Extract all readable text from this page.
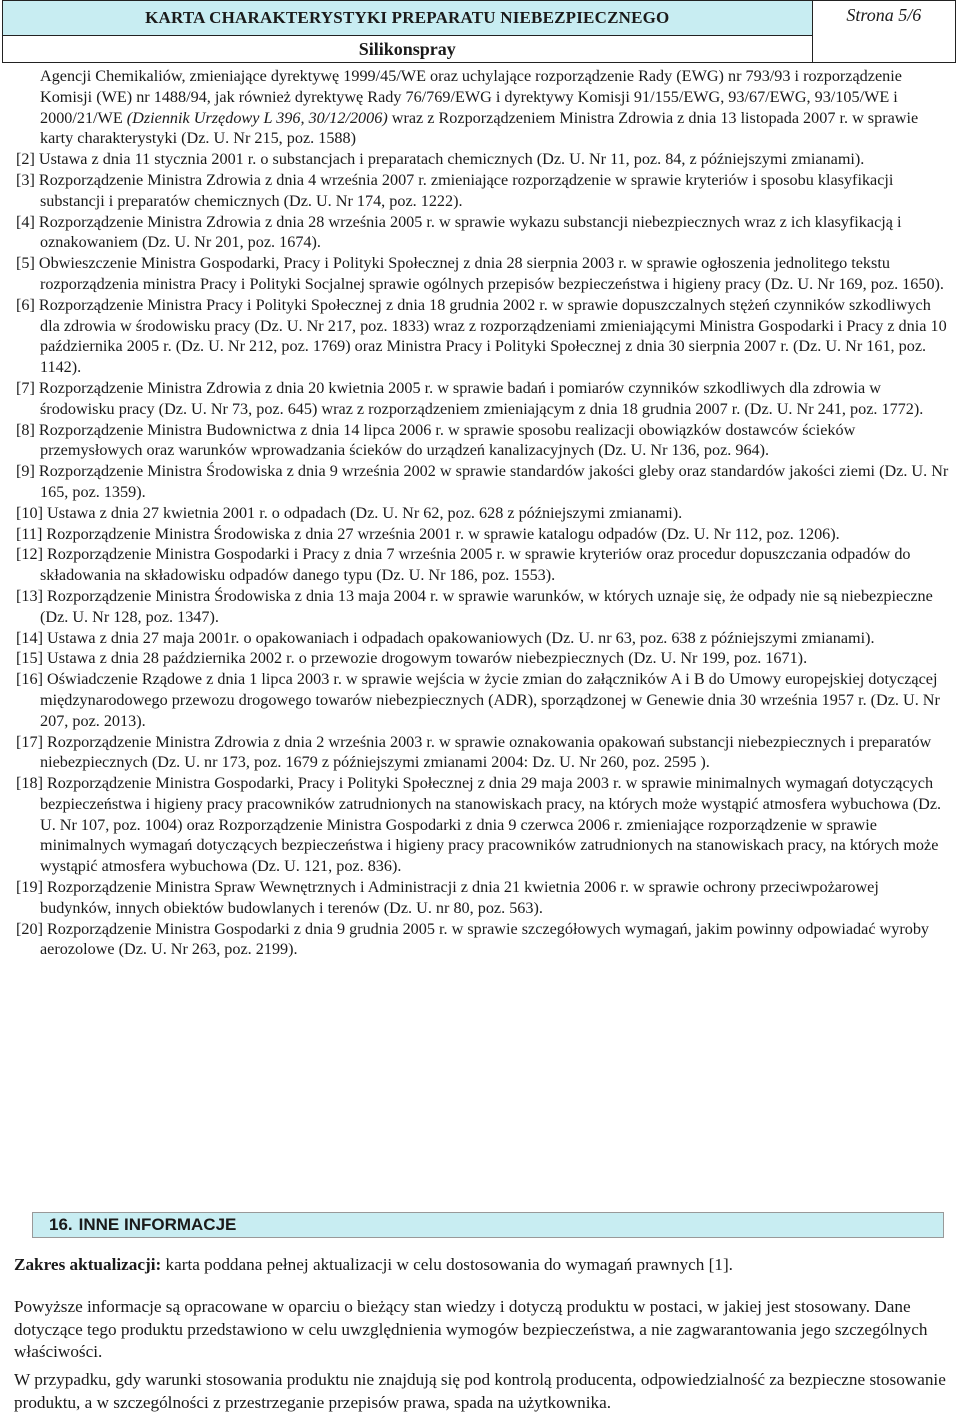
KARTA CHARAKTERYSTYKI PREPARATU NIEBEZPIECZNEGO	Strona 5/6
Silikonspray

Agencji Chemikaliów, zmieniające dyrektywę 1999/45/WE oraz uchylające rozporządzenie Rady (EWG) nr 793/93 i rozporządzenie Komisji (WE) nr 1488/94, jak również dyrektywę Rady 76/769/EWG i dyrektywy Komisji 91/155/EWG, 93/67/EWG, 93/105/WE i 2000/21/WE (Dziennik Urzędowy L 396, 30/12/2006) wraz z Rozporządzeniem Ministra Zdrowia z dnia 13 listopada 2007 r. w sprawie karty charakterystyki (Dz. U. Nr 215, poz. 1588)

[2] Ustawa z dnia 11 stycznia 2001 r. o substancjach i preparatach chemicznych (Dz. U. Nr 11, poz. 84, z późniejszymi zmianami).

[3] Rozporządzenie Ministra Zdrowia z dnia 4 września 2007 r. zmieniające rozporządzenie w sprawie kryteriów i sposobu klasyfikacji substancji i preparatów chemicznych (Dz. U. Nr 174, poz. 1222).

[4] Rozporządzenie Ministra Zdrowia z dnia 28 września 2005 r. w sprawie wykazu substancji niebezpiecznych wraz z ich klasyfikacją i oznakowaniem (Dz. U. Nr 201, poz. 1674).

[5] Obwieszczenie Ministra Gospodarki, Pracy i Polityki Społecznej z dnia 28 sierpnia 2003 r. w sprawie ogłoszenia jednolitego tekstu rozporządzenia ministra Pracy i Polityki Socjalnej sprawie ogólnych przepisów bezpieczeństwa i higieny pracy (Dz. U. Nr 169, poz. 1650).

[6] Rozporządzenie Ministra Pracy i Polityki Społecznej z dnia 18 grudnia 2002 r. w sprawie dopuszczalnych stężeń czynników szkodliwych dla zdrowia w środowisku pracy (Dz. U. Nr 217, poz. 1833) wraz z rozporządzeniami zmieniającymi Ministra Gospodarki i Pracy z dnia 10 października 2005 r. (Dz. U. Nr 212, poz. 1769) oraz Ministra Pracy i Polityki Społecznej z dnia 30 sierpnia 2007 r. (Dz. U. Nr 161, poz. 1142).

[7] Rozporządzenie Ministra Zdrowia z dnia 20 kwietnia 2005 r. w sprawie badań i pomiarów czynników szkodliwych dla zdrowia w środowisku pracy (Dz. U. Nr 73, poz. 645) wraz z rozporządzeniem zmieniającym z dnia 18 grudnia 2007 r. (Dz. U. Nr 241, poz. 1772).

[8] Rozporządzenie Ministra Budownictwa z dnia 14 lipca 2006 r. w sprawie sposobu realizacji obowiązków dostawców ścieków przemysłowych oraz warunków wprowadzania ścieków do urządzeń kanalizacyjnych (Dz. U. Nr 136, poz. 964).

[9] Rozporządzenie Ministra Środowiska z dnia 9 września 2002 w sprawie standardów jakości gleby oraz standardów jakości ziemi (Dz. U. Nr 165, poz. 1359).

[10] Ustawa z dnia 27 kwietnia 2001 r. o odpadach (Dz. U. Nr 62, poz. 628 z późniejszymi zmianami).

[11] Rozporządzenie Ministra Środowiska z dnia 27 września 2001 r. w sprawie katalogu odpadów (Dz. U. Nr 112, poz. 1206).

[12] Rozporządzenie Ministra Gospodarki i Pracy z dnia 7 września 2005 r. w sprawie kryteriów oraz procedur dopuszczania odpadów do składowania na składowisku odpadów danego typu (Dz. U. Nr 186, poz. 1553).

[13] Rozporządzenie Ministra Środowiska z dnia 13 maja 2004 r. w sprawie warunków, w których uznaje się, że odpady nie są niebezpieczne (Dz. U. Nr 128, poz. 1347).

[14] Ustawa z dnia 27 maja 2001r. o opakowaniach i odpadach opakowaniowych (Dz. U. nr 63, poz. 638 z późniejszymi zmianami).

[15] Ustawa z dnia 28 października 2002 r. o przewozie drogowym towarów niebezpiecznych (Dz. U. Nr 199, poz. 1671).

[16] Oświadczenie Rządowe z dnia 1 lipca 2003 r. w sprawie wejścia w życie zmian do załączników A i B do Umowy europejskiej dotyczącej międzynarodowego przewozu drogowego towarów niebezpiecznych (ADR), sporządzonej w Genewie dnia 30 września 1957 r. (Dz. U. Nr 207, poz. 2013).

[17] Rozporządzenie Ministra Zdrowia z dnia 2 września 2003 r. w sprawie oznakowania opakowań substancji niebezpiecznych i preparatów niebezpiecznych (Dz. U. nr 173, poz. 1679 z późniejszymi zmianami 2004: Dz. U. Nr 260, poz. 2595 ).

[18] Rozporządzenie Ministra Gospodarki, Pracy i Polityki Społecznej z dnia 29 maja 2003 r. w sprawie minimalnych wymagań dotyczących bezpieczeństwa i higieny pracy pracowników zatrudnionych na stanowiskach pracy, na których może wystąpić atmosfera wybuchowa (Dz. U. Nr 107, poz. 1004) oraz Rozporządzenie Ministra Gospodarki z dnia 9 czerwca 2006 r. zmieniające rozporządzenie w sprawie minimalnych wymagań dotyczących bezpieczeństwa i higieny pracy pracowników zatrudnionych na stanowiskach pracy, na których może wystąpić atmosfera wybuchowa (Dz. U. 121, poz. 836).

[19] Rozporządzenie Ministra Spraw Wewnętrznych i Administracji z dnia 21 kwietnia 2006 r. w sprawie ochrony przeciwpożarowej budynków, innych obiektów budowlanych i terenów (Dz. U. nr 80, poz. 563).

[20] Rozporządzenie Ministra Gospodarki z dnia 9 grudnia 2005 r. w sprawie szczegółowych wymagań, jakim powinny odpowiadać wyroby aerozolowe (Dz. U. Nr 263, poz. 2199).

16. INNE INFORMACJE

Zakres aktualizacji: karta poddana pełnej aktualizacji w celu dostosowania do wymagań prawnych [1].

Powyższe informacje są opracowane w oparciu o bieżący stan wiedzy i dotyczą produktu w postaci, w jakiej jest stosowany. Dane dotyczące tego produktu przedstawiono w celu uwzględnienia wymogów bezpieczeństwa, a nie zagwarantowania jego szczególnych właściwości.

W przypadku, gdy warunki stosowania produktu nie znajdują się pod kontrolą producenta, odpowiedzialność za bezpieczne stosowanie produktu, a w szczególności z przestrzeganie przepisów prawa, spada na użytkownika.
